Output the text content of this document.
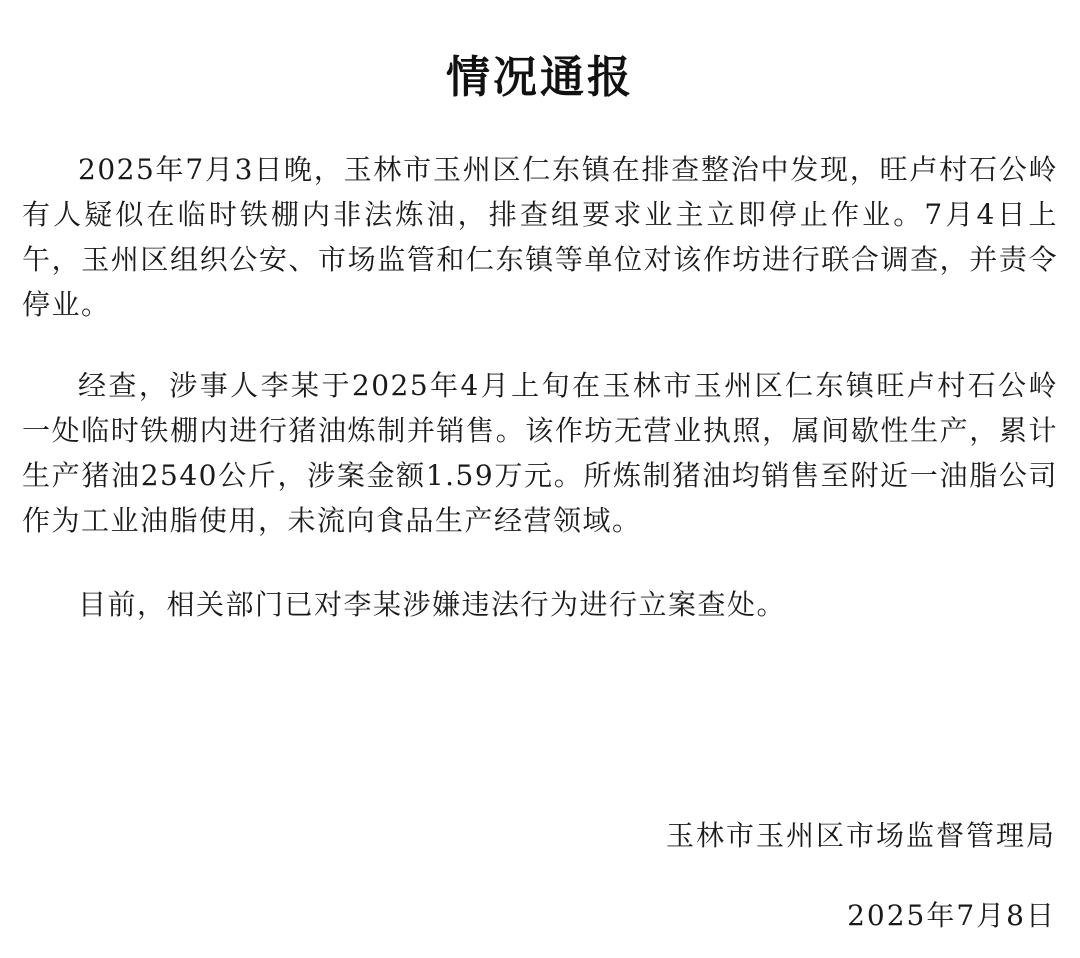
情况通报

2025年7月3日晚，玉林市玉州区仁东镇在排查整治中发现，旺卢村石公岭有人疑似在临时铁棚内非法炼油，排查组要求业主立即停止作业。7月4日上午，玉州区组织公安、市场监管和仁东镇等单位对该作坊进行联合调查，并责令停业。

经查，涉事人李某于2025年4月上旬在玉林市玉州区仁东镇旺卢村石公岭一处临时铁棚内进行猪油炼制并销售。该作坊无营业执照，属间歇性生产，累计生产猪油2540公斤，涉案金额1.59万元。所炼制猪油均销售至附近一油脂公司作为工业油脂使用，未流向食品生产经营领域。

目前，相关部门已对李某涉嫌违法行为进行立案查处。

玉林市玉州区市场监督管理局
2025年7月8日
